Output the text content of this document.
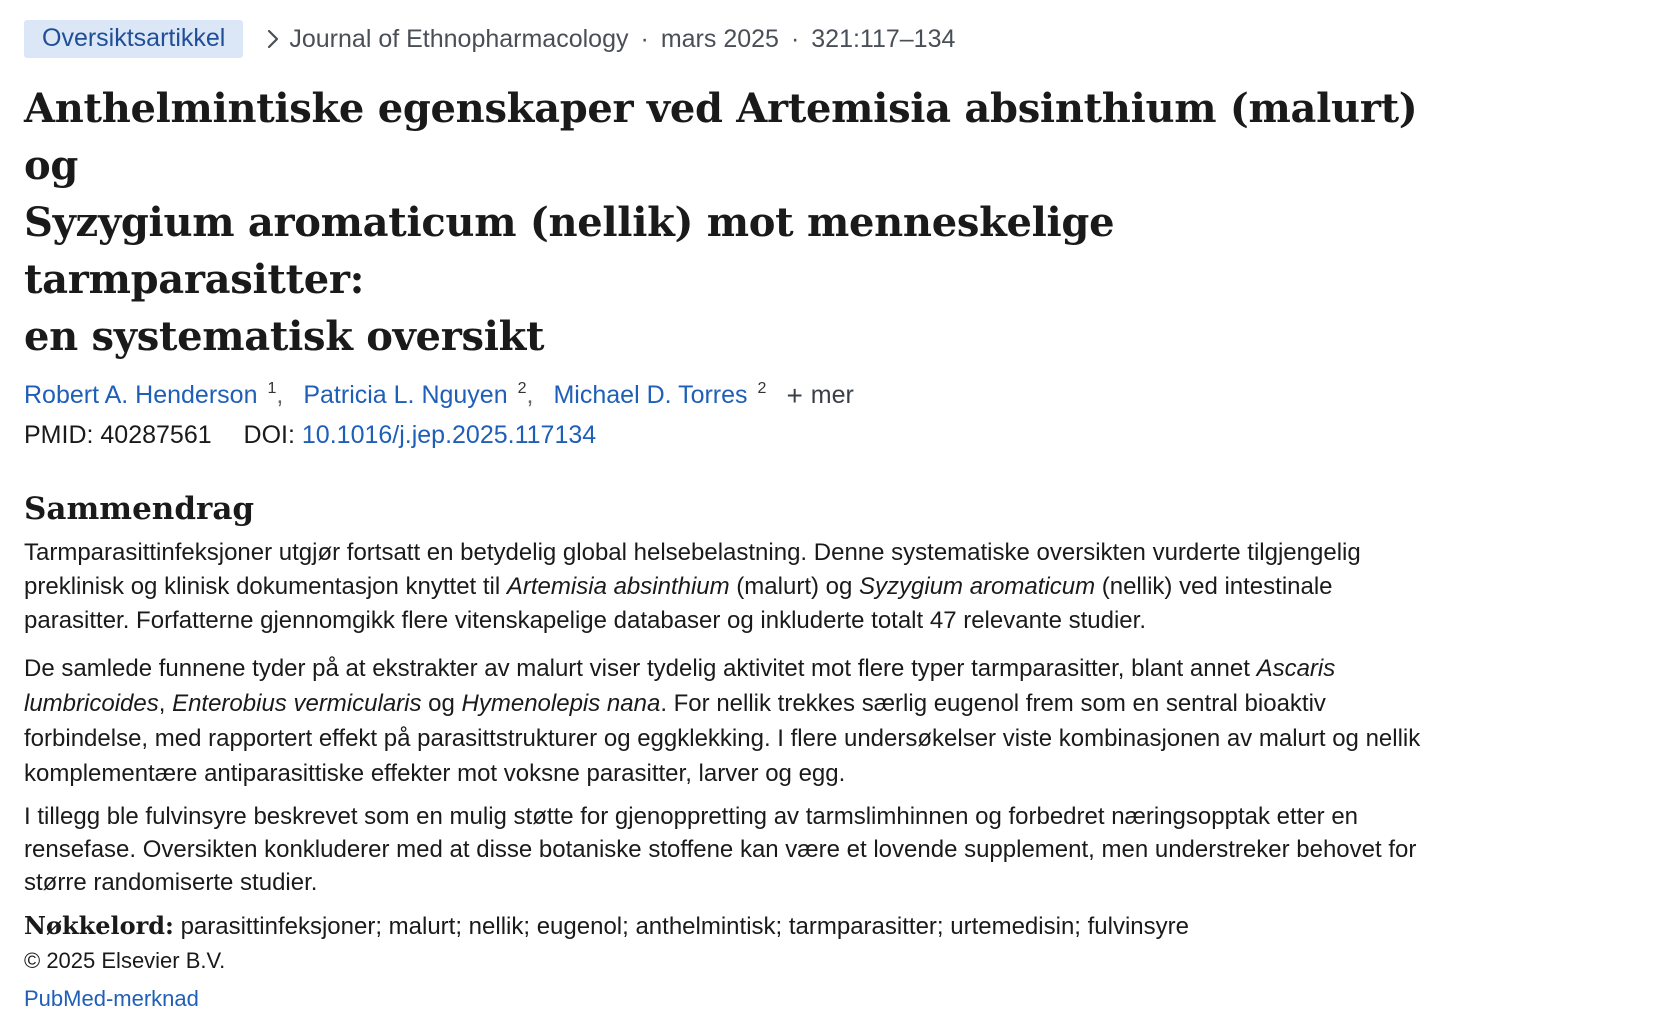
Oversiktsartikkel	Journal of Ethnopharmacology · mars 2025 · 321:117–134
Anthelmintiske egenskaper ved Artemisia absinthium (malurt) og
Syzygium aromaticum (nellik) mot menneskelige tarmparasitter:
en systematisk oversikt
Robert A. Henderson 1 , Patricia L. Nguyen 2 , Michael D. Torres 2 + mer
PMID: 40287561 DOI: 10.1016/j.jep.2025.117134
Sammendrag

Tarmparasittinfeksjoner utgjør fortsatt en betydelig global helsebelastning. Denne systematiske oversikten vurderte tilgjengelig preklinisk og klinisk dokumentasjon knyttet til Artemisia absinthium (malurt) og Syzygium aromaticum (nellik) ved intestinale parasitter. Forfatterne gjennomgikk flere vitenskapelige databaser og inkluderte totalt 47 relevante studier.

De samlede funnene tyder på at ekstrakter av malurt viser tydelig aktivitet mot flere typer tarmparasitter, blant annet Ascaris lumbricoides, Enterobius vermicularis og Hymenolepis nana. For nellik trekkes særlig eugenol frem som en sentral bioaktiv forbindelse, med rapportert effekt på parasittstrukturer og eggklekking. I flere undersøkelser viste kombinasjonen av malurt og nellik komplementære antiparasittiske effekter mot voksne parasitter, larver og egg.

I tillegg ble fulvinsyre beskrevet som en mulig støtte for gjenoppretting av tarmslimhinnen og forbedret næringsopptak etter en rensefase. Oversikten konkluderer med at disse botaniske stoffene kan være et lovende supplement, men understreker behovet for større randomiserte studier.

Nøkkelord: parasittinfeksjoner; malurt; nellik; eugenol; anthelmintisk; tarmparasitter; urtemedisin; fulvinsyre
© 2025 Elsevier B.V.
PubMed-merknad
